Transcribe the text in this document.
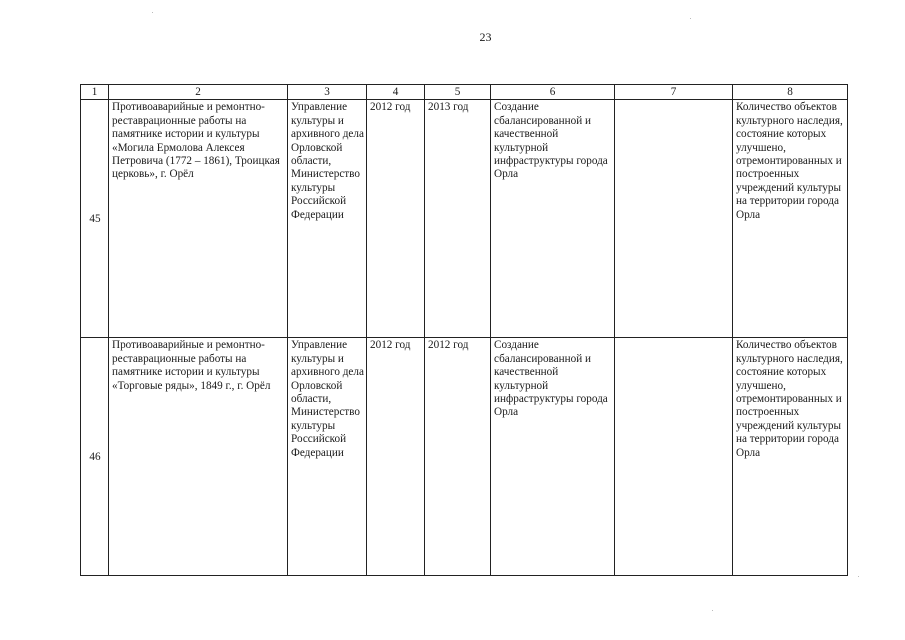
23
1	2	3	4	5	6	7	8
45	Противоаварийные и ремонтно-реставрационные работы на памятнике истории и культуры «Могила Ермолова Алексея Петровича (1772 – 1861), Троицкая церковь», г. Орёл	Управление культуры и архивного дела Орловской области, Министерство культуры Российской Федерации	2012 год	2013 год	Создание сбалансированной и качественной культурной инфраструктуры города Орла		Количество объектов культурного наследия, состояние которых улучшено, отремонтированных и построенных учреждений культуры на территории города Орла
46	Противоаварийные и ремонтно-реставрационные работы на памятнике истории и культуры «Торговые ряды», 1849 г., г. Орёл	Управление культуры и архивного дела Орловской области, Министерство культуры Российской Федерации	2012 год	2012 год	Создание сбалансированной и качественной культурной инфраструктуры города Орла		Количество объектов культурного наследия, состояние которых улучшено, отремонтированных и построенных учреждений культуры на территории города Орла
